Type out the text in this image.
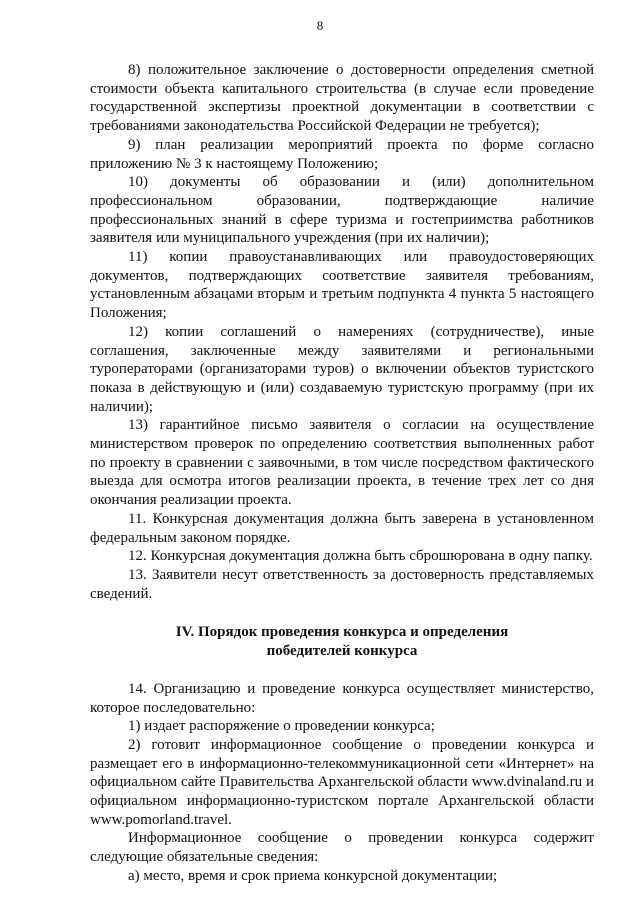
8

8) положительное заключение о достоверности определения сметной стоимости объекта капитального строительства (в случае если проведение государственной экспертизы проектной документации в соответствии с требованиями законодательства Российской Федерации не требуется);

9) план реализации мероприятий проекта по форме согласно приложению № 3 к настоящему Положению;

10) документы об образовании и (или) дополнительном профессиональном образовании, подтверждающие наличие профессиональных знаний в сфере туризма и гостеприимства работников заявителя или муниципального учреждения (при их наличии);

11) копии правоустанавливающих или правоудостоверяющих документов, подтверждающих соответствие заявителя требованиям, установленным абзацами вторым и третьим подпункта 4 пункта 5 настоящего Положения;

12) копии соглашений о намерениях (сотрудничестве), иные соглашения, заключенные между заявителями и региональными туроператорами (организаторами туров) о включении объектов туристского показа в действующую и (или) создаваемую туристскую программу (при их наличии);

13) гарантийное письмо заявителя о согласии на осуществление министерством проверок по определению соответствия выполненных работ по проекту в сравнении с заявочными, в том числе посредством фактического выезда для осмотра итогов реализации проекта, в течение трех лет со дня окончания реализации проекта.

11. Конкурсная документация должна быть заверена в установленном федеральным законом порядке.

12. Конкурсная документация должна быть сброшюрована в одну папку.

13. Заявители несут ответственность за достоверность представляемых сведений.

IV. Порядок проведения конкурса и определения
победителей конкурса

14. Организацию и проведение конкурса осуществляет министерство, которое последовательно:

1) издает распоряжение о проведении конкурса;

2) готовит информационное сообщение о проведении конкурса и размещает его в информационно-телекоммуникационной сети «Интернет» на официальном сайте Правительства Архангельской области www.dvinaland.ru и официальном информационно-туристском портале Архангельской области www.pomorland.travel.

Информационное сообщение о проведении конкурса содержит следующие обязательные сведения:

а) место, время и срок приема конкурсной документации;
